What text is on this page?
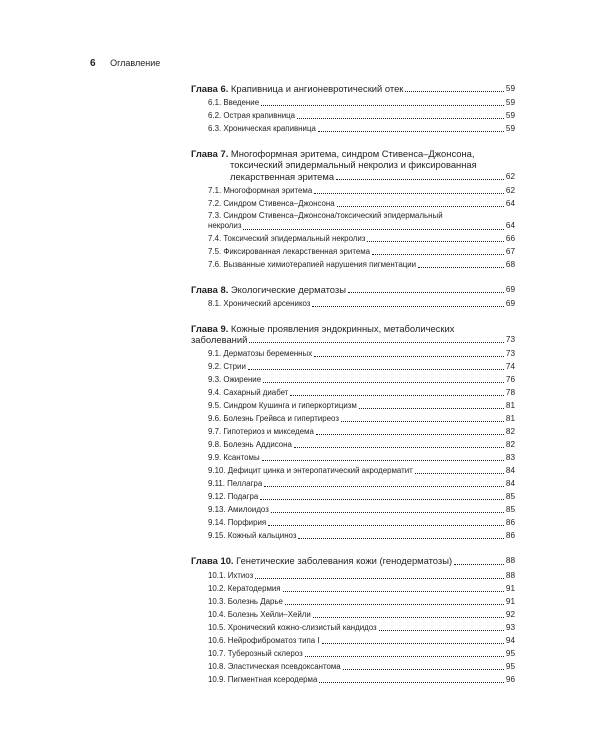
6 Оглавление
Глава 6. Крапивница и ангионевротический отек	59
6.1. Введение	59
6.2. Острая крапивница	59
6.3. Хроническая крапивница	59
Глава 7. Многоформная эритема, синдром Стивенса–Джонсона,
токсический эпидермальный некролиз и фиксированная
лекарственная эритема	62
7.1. Многоформная эритема	62
7.2. Синдром Стивенса–Джонсона	64
7.3. Синдром Стивенса–Джонсона/токсический эпидермальный
некролиз	64
7.4. Токсический эпидермальный некролиз	66
7.5. Фиксированная лекарственная эритема	67
7.6. Вызванные химиотерапией нарушения пигментации	68
Глава 8. Экологические дерматозы	69
8.1. Хронический арсеникоз	69
Глава 9. Кожные проявления эндокринных, метаболических
заболеваний	73
9.1. Дерматозы беременных	73
9.2. Стрии	74
9.3. Ожирение	76
9.4. Сахарный диабет	78
9.5. Синдром Кушинга и гиперкортицизм	81
9.6. Болезнь Грейвса и гипертиреоз	81
9.7. Гипотериоз и микседема	82
9.8. Болезнь Аддисона	82
9.9. Ксантомы	83
9.10. Дефицит цинка и энтеропатический акродерматит	84
9.11. Пеллагра	84
9.12. Подагра	85
9.13. Амилоидоз	85
9.14. Порфирия	86
9.15. Кожный кальциноз	86
Глава 10. Генетические заболевания кожи (генодерматозы)	88
10.1. Ихтиоз	88
10.2. Кератодермия	91
10.3. Болезнь Дарье	91
10.4. Болезнь Хейли–Хейли	92
10.5. Хронический кожно-слизистый кандидоз	93
10.6. Нейрофиброматоз типа I	94
10.7. Туберозный склероз	95
10.8. Эластическая псевдоксантома	95
10.9. Пигментная ксеродерма	96
